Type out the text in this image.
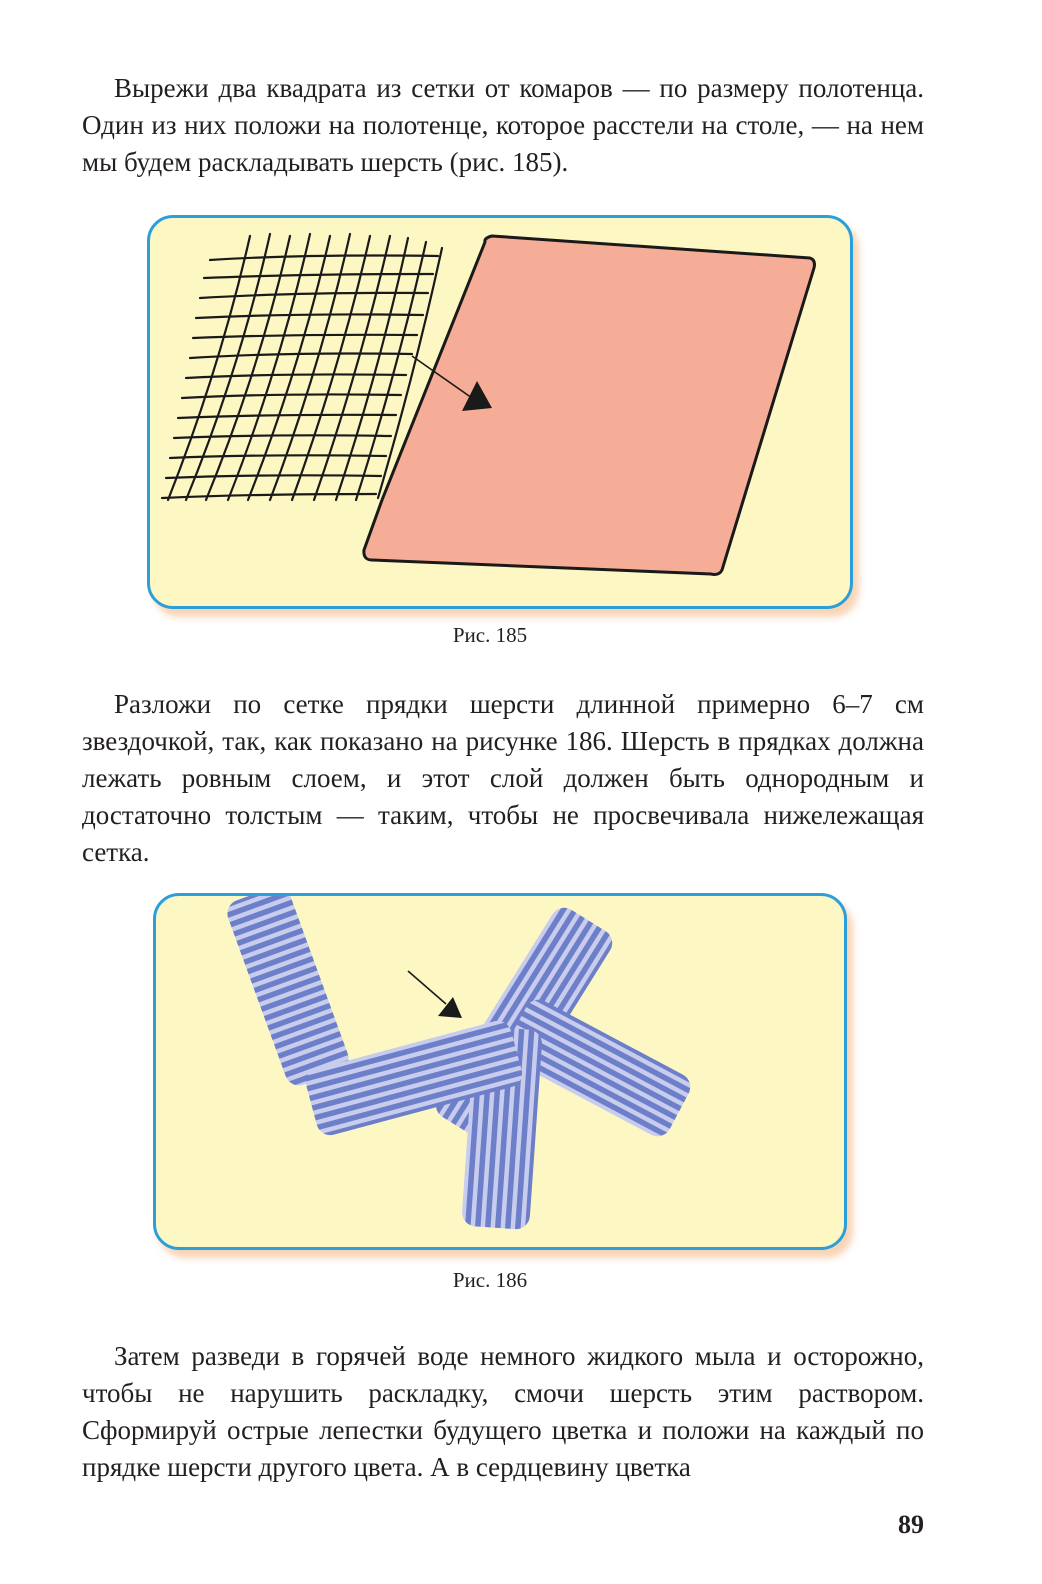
Вырежи два квадрата из сетки от комаров — по размеру полотенца. Один из них положи на полотенце, которое расстели на столе, — на нем мы будем раскладывать шерсть (рис. 185).

Рис. 185

Разложи по сетке прядки шерсти длинной примерно 6–7 см звездочкой, так, как показано на рисунке 186. Шерсть в прядках должна лежать ровным слоем, и этот слой должен быть однородным и достаточно толстым — таким, чтобы не просвечивала нижележащая сетка.

Рис. 186

Затем разведи в горячей воде немного жидкого мыла и осторожно, чтобы не нарушить раскладку, смочи шерсть этим раствором. Сформируй острые лепестки будущего цветка и положи на каждый по прядке шерсти другого цвета. А в сердцевину цветка

89
